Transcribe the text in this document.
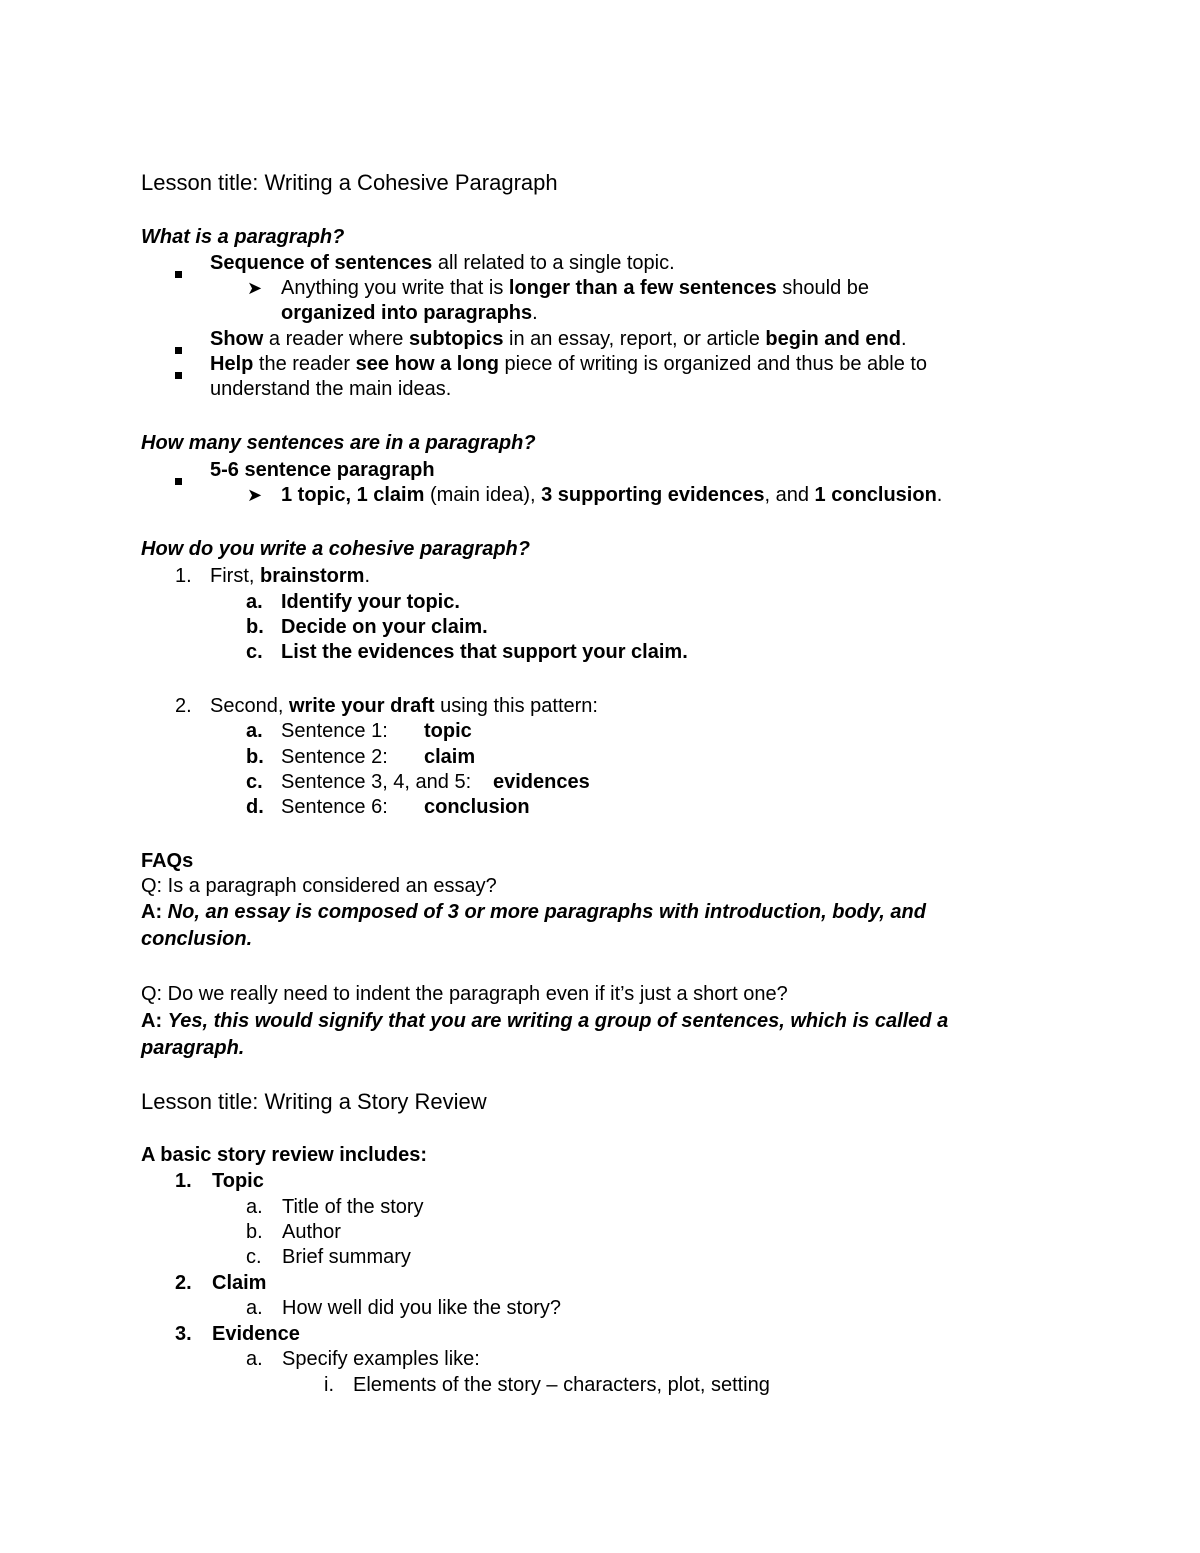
Lesson title: Writing a Cohesive Paragraph
What is a paragraph?
Sequence of sentences all related to a single topic.
➤ Anything you write that is longer than a few sentences should be
organized into paragraphs.
Show a reader where subtopics in an essay, report, or article begin and end.
Help the reader see how a long piece of writing is organized and thus be able to
understand the main ideas.
How many sentences are in a paragraph?
5-6 sentence paragraph
➤ 1 topic, 1 claim (main idea), 3 supporting evidences, and 1 conclusion.
How do you write a cohesive paragraph?
1. First, brainstorm.
a. Identify your topic.
b. Decide on your claim.
c. List the evidences that support your claim.
2. Second, write your draft using this pattern:
a. Sentence 1: topic
b. Sentence 2: claim
c. Sentence 3, 4, and 5: evidences
d. Sentence 6: conclusion
FAQs
Q: Is a paragraph considered an essay?
A: No, an essay is composed of 3 or more paragraphs with introduction, body, and
conclusion.
Q: Do we really need to indent the paragraph even if it’s just a short one?
A: Yes, this would signify that you are writing a group of sentences, which is called a
paragraph.
Lesson title: Writing a Story Review
A basic story review includes:
1. Topic
a. Title of the story
b. Author
c. Brief summary
2. Claim
a. How well did you like the story?
3. Evidence
a. Specify examples like:
i. Elements of the story – characters, plot, setting
